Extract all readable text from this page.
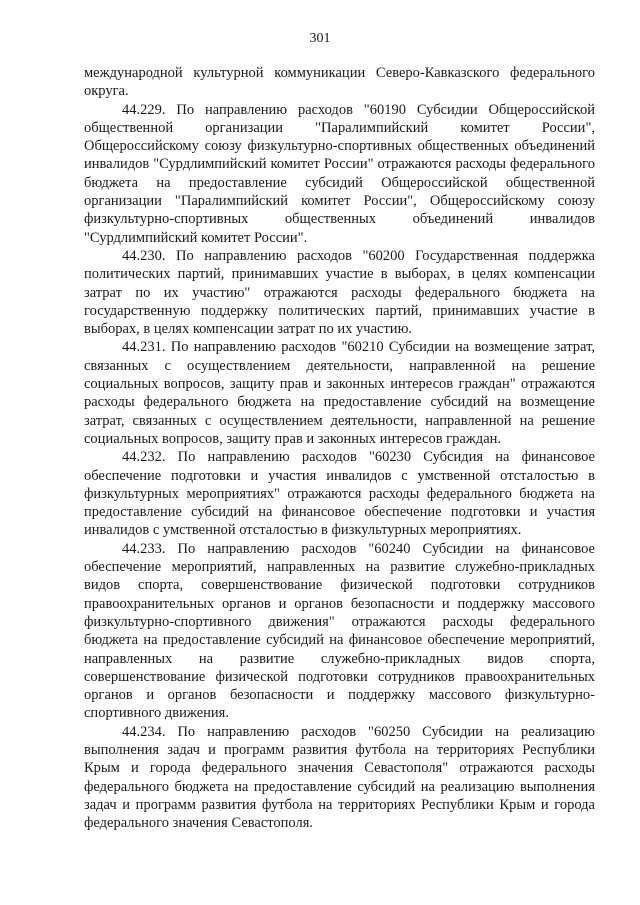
301

международной культурной коммуникации Северо-Кавказского федерального округа.

44.229. По направлению расходов "60190 Субсидии Общероссийской общественной организации "Паралимпийский комитет России", Общероссийскому союзу физкультурно-спортивных общественных объединений инвалидов "Сурдлимпийский комитет России" отражаются расходы федерального бюджета на предоставление субсидий Общероссийской общественной организации "Паралимпийский комитет России", Общероссийскому союзу физкультурно-спортивных общественных объединений инвалидов "Сурдлимпийский комитет России".

44.230. По направлению расходов "60200 Государственная поддержка политических партий, принимавших участие в выборах, в целях компенсации затрат по их участию" отражаются расходы федерального бюджета на государственную поддержку политических партий, принимавших участие в выборах, в целях компенсации затрат по их участию.

44.231. По направлению расходов "60210 Субсидии на возмещение затрат, связанных с осуществлением деятельности, направленной на решение социальных вопросов, защиту прав и законных интересов граждан" отражаются расходы федерального бюджета на предоставление субсидий на возмещение затрат, связанных с осуществлением деятельности, направленной на решение социальных вопросов, защиту прав и законных интересов граждан.

44.232. По направлению расходов "60230 Субсидия на финансовое обеспечение подготовки и участия инвалидов с умственной отсталостью в физкультурных мероприятиях" отражаются расходы федерального бюджета на предоставление субсидий на финансовое обеспечение подготовки и участия инвалидов с умственной отсталостью в физкультурных мероприятиях.

44.233. По направлению расходов "60240 Субсидии на финансовое обеспечение мероприятий, направленных на развитие служебно-прикладных видов спорта, совершенствование физической подготовки сотрудников правоохранительных органов и органов безопасности и поддержку массового физкультурно-спортивного движения" отражаются расходы федерального бюджета на предоставление субсидий на финансовое обеспечение мероприятий, направленных на развитие служебно-прикладных видов спорта, совершенствование физической подготовки сотрудников правоохранительных органов и органов безопасности и поддержку массового физкультурно-спортивного движения.

44.234. По направлению расходов "60250 Субсидии на реализацию выполнения задач и программ развития футбола на территориях Республики Крым и города федерального значения Севастополя" отражаются расходы федерального бюджета на предоставление субсидий на реализацию выполнения задач и программ развития футбола на территориях Республики Крым и города федерального значения Севастополя.
